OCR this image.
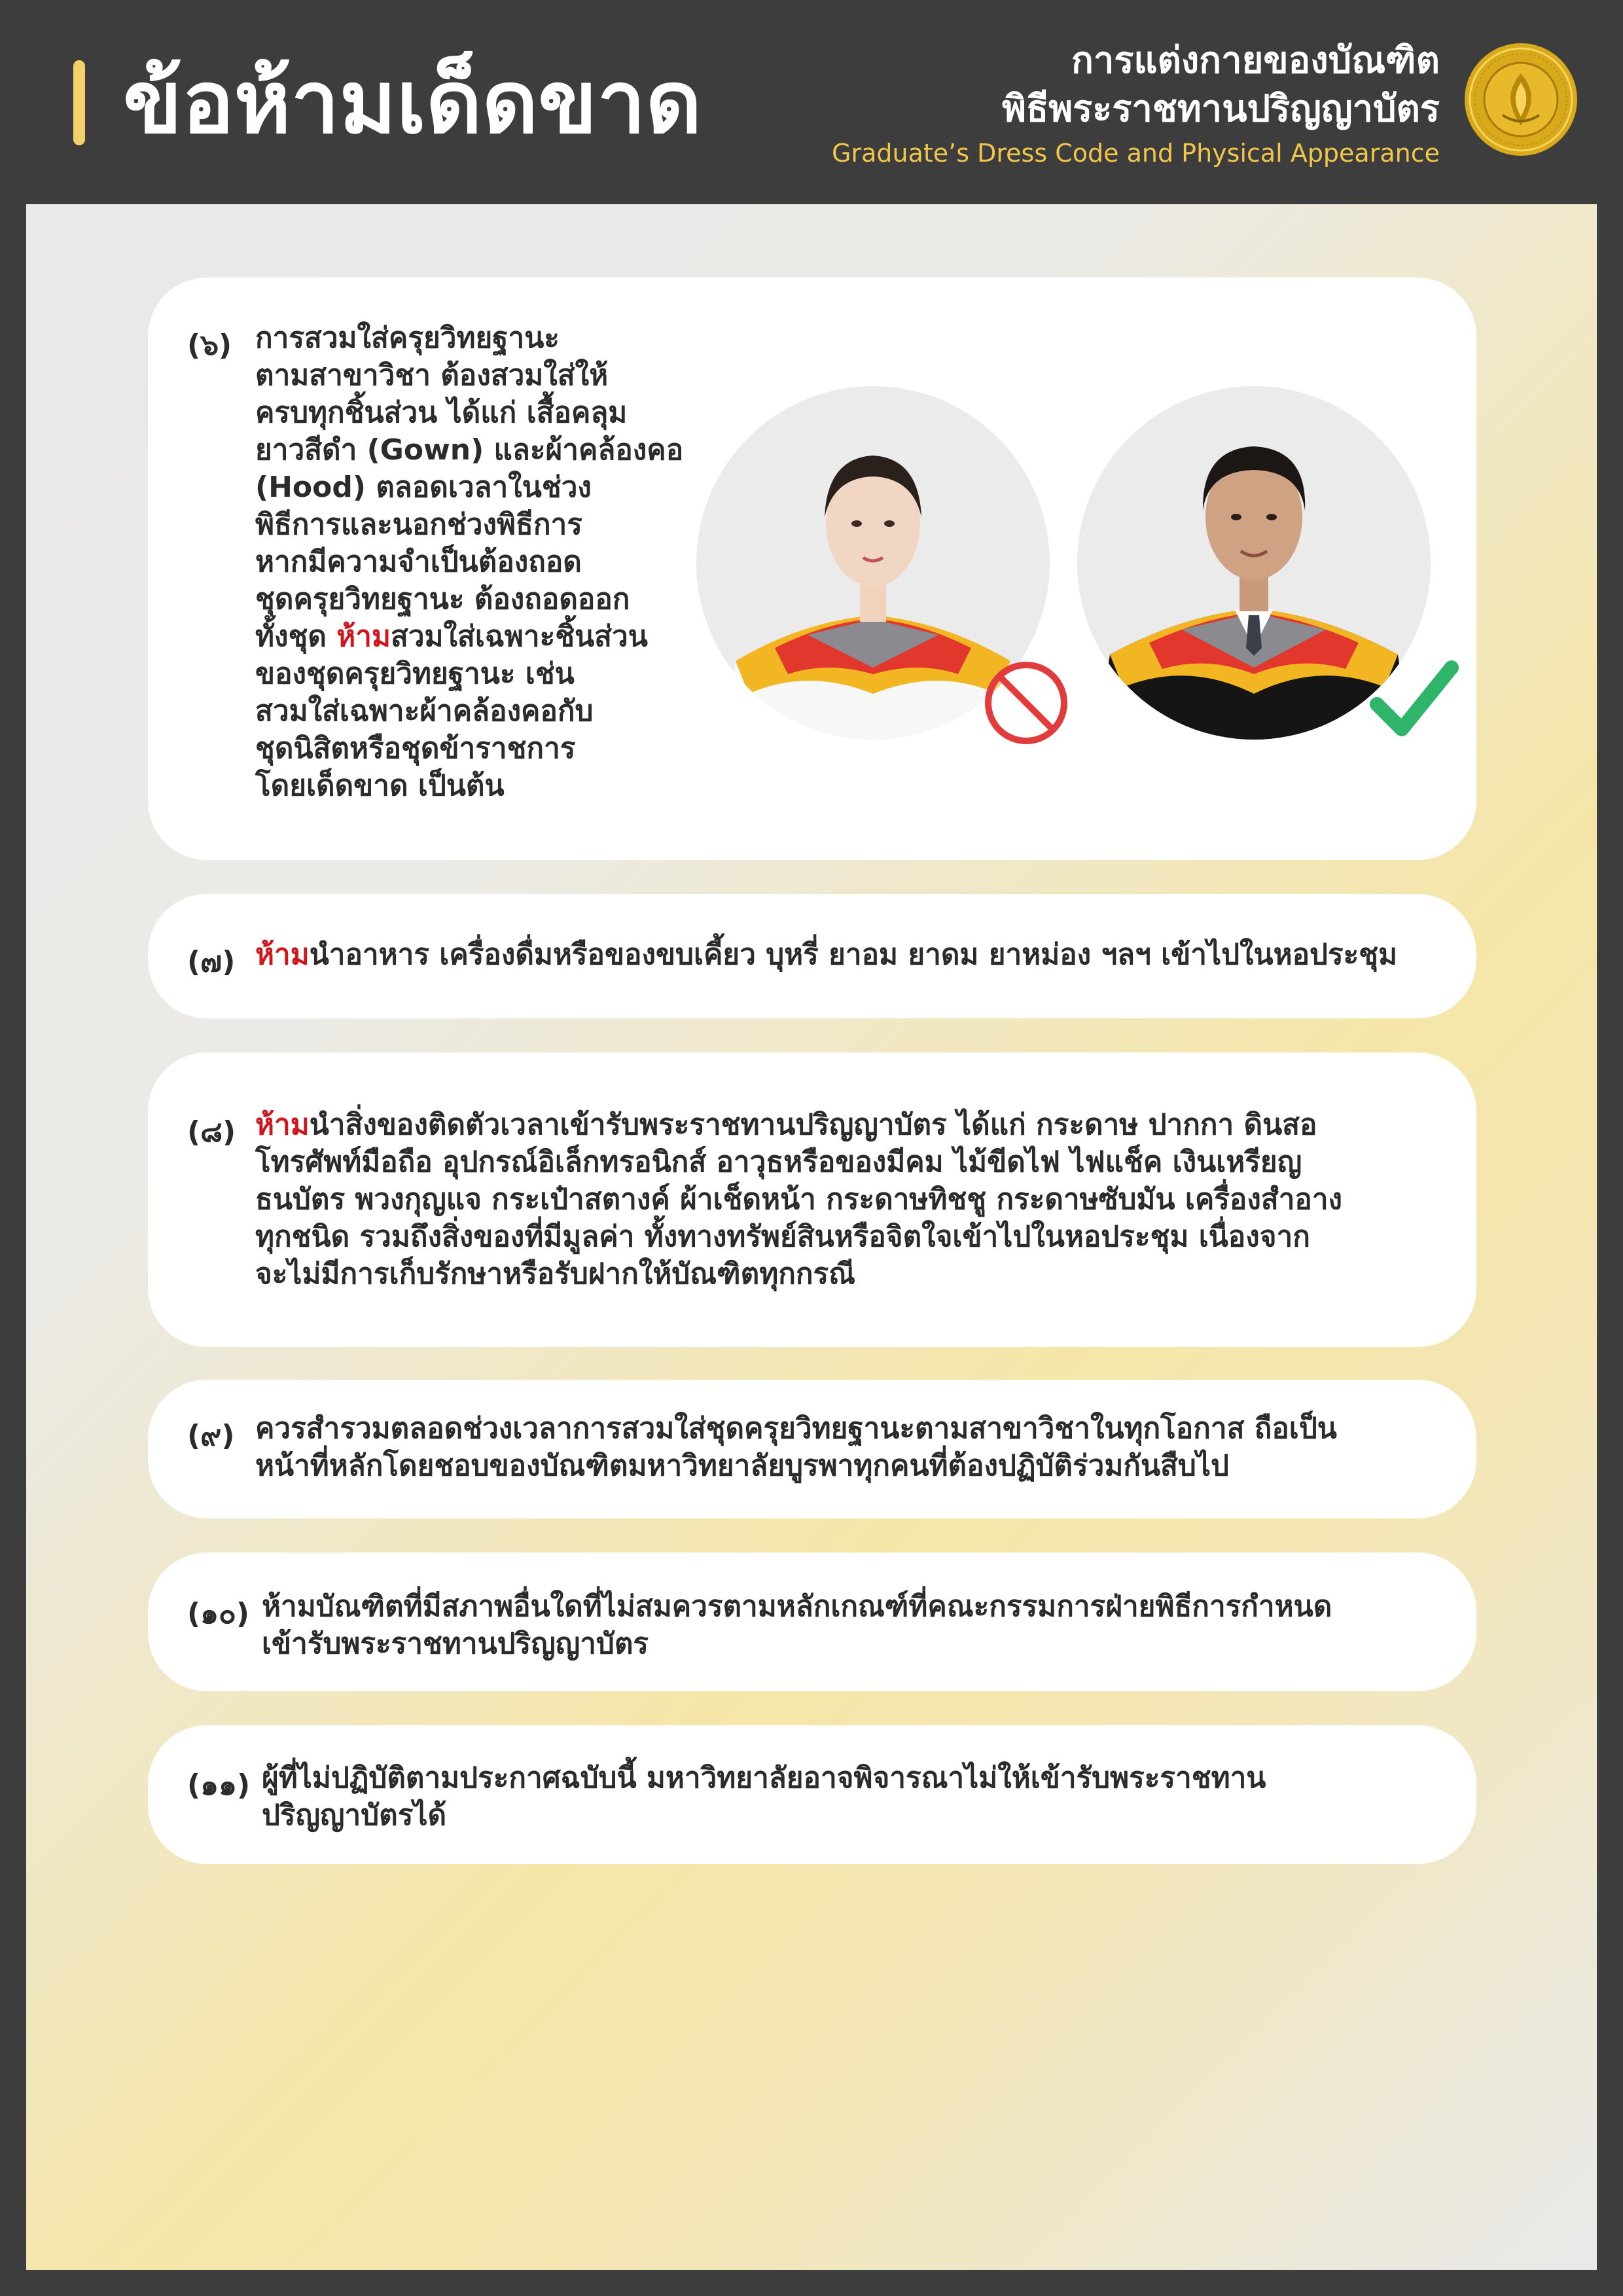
ข้อห้ามเด็ดขาด	การแต่งกายของบัณฑิต
พิธีพระราชทานปริญญาบัตร
Graduate’s Dress Code and Physical Appearance
(๖) การสวมใส่ครุยวิทยฐานะ
ตามสาขาวิชา ต้องสวมใส่ให้
ครบทุกชิ้นส่วน ได้แก่ เสื้อคลุม
ยาวสีดำ (Gown) และผ้าคล้องคอ
(Hood) ตลอดเวลาในช่วง
พิธีการและนอกช่วงพิธีการ
หากมีความจำเป็นต้องถอด
ชุดครุยวิทยฐานะ ต้องถอดออก
ทั้งชุด ห้ามสวมใส่เฉพาะชิ้นส่วน
ของชุดครุยวิทยฐานะ เช่น
สวมใส่เฉพาะผ้าคล้องคอกับ
ชุดนิสิตหรือชุดข้าราชการ
โดยเด็ดขาด เป็นต้น
(๗) ห้ามนำอาหาร เครื่องดื่มหรือของขบเคี้ยว บุหรี่ ยาอม ยาดม ยาหม่อง ฯลฯ เข้าไปในหอประชุม
(๘) ห้ามนำสิ่งของติดตัวเวลาเข้ารับพระราชทานปริญญาบัตร ได้แก่ กระดาษ ปากกา ดินสอ
โทรศัพท์มือถือ อุปกรณ์อิเล็กทรอนิกส์ อาวุธหรือของมีคม ไม้ขีดไฟ ไฟแช็ค เงินเหรียญ
ธนบัตร พวงกุญแจ กระเป๋าสตางค์ ผ้าเช็ดหน้า กระดาษทิชชู กระดาษซับมัน เครื่องสำอาง
ทุกชนิด รวมถึงสิ่งของที่มีมูลค่า ทั้งทางทรัพย์สินหรือจิตใจเข้าไปในหอประชุม เนื่องจาก
จะไม่มีการเก็บรักษาหรือรับฝากให้บัณฑิตทุกกรณี
(๙) ควรสำรวมตลอดช่วงเวลาการสวมใส่ชุดครุยวิทยฐานะตามสาขาวิชาในทุกโอกาส ถือเป็น
หน้าที่หลักโดยชอบของบัณฑิตมหาวิทยาลัยบูรพาทุกคนที่ต้องปฏิบัติร่วมกันสืบไป
(๑๐) ห้ามบัณฑิตที่มีสภาพอื่นใดที่ไม่สมควรตามหลักเกณฑ์ที่คณะกรรมการฝ่ายพิธีการกำหนด
เข้ารับพระราชทานปริญญาบัตร
(๑๑) ผู้ที่ไม่ปฏิบัติตามประกาศฉบับนี้ มหาวิทยาลัยอาจพิจารณาไม่ให้เข้ารับพระราชทาน
ปริญญาบัตรได้
